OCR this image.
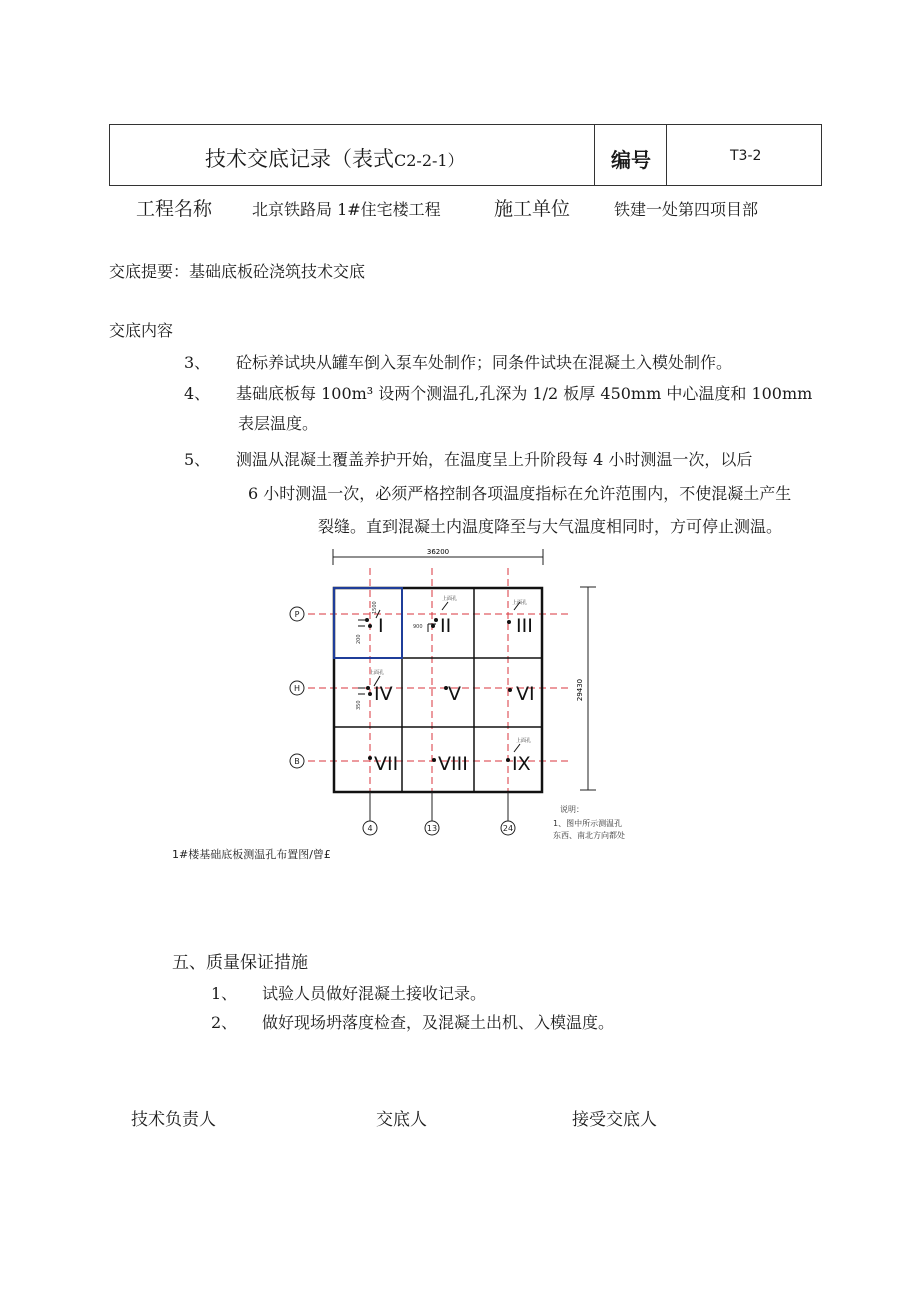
技术交底记录（表式C2-2-1）	编号	T3-2
工程名称 北京铁路局 1#住宅楼工程	施工单位	铁建一处第四项目部
交底提要：基础底板砼浇筑技术交底
交底内容
3、 砼标养试块从罐车倒入泵车处制作；同条件试块在混凝土入模处制作。
4、 基础底板每 100m³ 设两个测温孔,孔深为 1/2 板厚 450mm 中心温度和 100mm
表层温度。
5、 测温从混凝土覆盖养护开始，在温度呈上升阶段每 4 小时测温一次，以后
6 小时测温一次，必须严格控制各项温度指标在允许范围内，不使混凝土产生
裂缝。直到混凝土内温度降至与大气温度相同时，方可停止测温。
36200
29430
I	II	III
IV	V	VI
VII VIII IX
上面孔
上面孔
上面孔
上面孔
1500
200
900
350
P
H
B
4	13	24
说明：
1、图中所示测温孔
东西、南北方向都处
1#楼基础底板测温孔布置图/曾£
五、质量保证措施
1、 试验人员做好混凝土接收记录。
2、 做好现场坍落度检查，及混凝土出机、入模温度。
技术负责人	交底人	接受交底人
